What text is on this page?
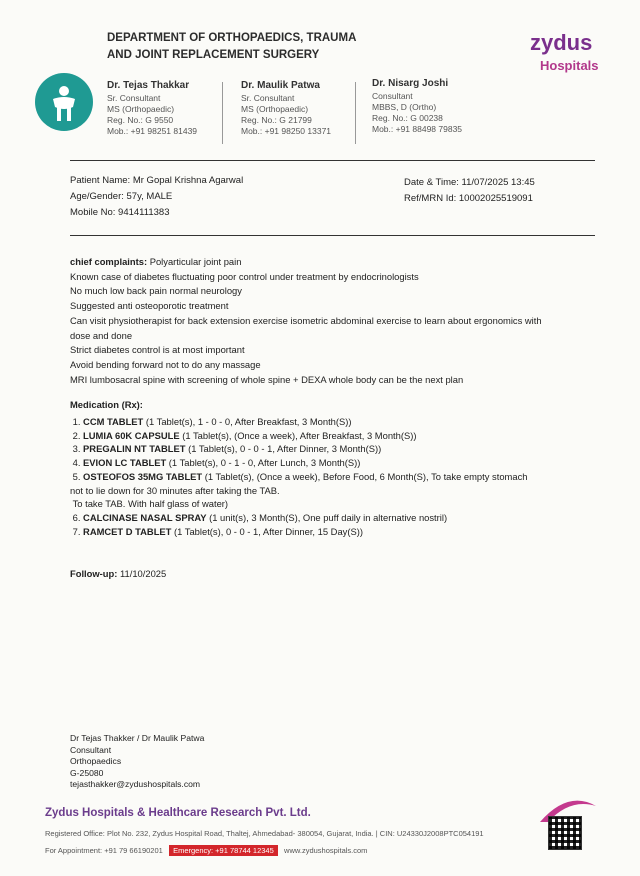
DEPARTMENT OF ORTHOPAEDICS, TRAUMA
AND JOINT REPLACEMENT SURGERY	zydus
Hospitals
Dr. Tejas Thakkar
Sr. Consultant
MS (Orthopaedic)
Reg. No.: G 9550
Mob.: +91 98251 81439
Dr. Maulik Patwa
Sr. Consultant
MS (Orthopaedic)
Reg. No.: G 21799
Mob.: +91 98250 13371
Dr. Nisarg Joshi
Consultant
MBBS, D (Ortho)
Reg. No.: G 00238
Mob.: +91 88498 79835
Patient Name: Mr Gopal Krishna Agarwal
Age/Gender: 57y, MALE
Mobile No: 9414111383
Date & Time: 11/07/2025 13:45
Ref/MRN Id: 10002025519091
chief complaints: Polyarticular joint pain
Known case of diabetes fluctuating poor control under treatment by endocrinologists
No much low back pain normal neurology
Suggested anti osteoporotic treatment
Can visit physiotherapist for back extension exercise isometric abdominal exercise to learn about ergonomics with
dose and done
Strict diabetes control is at most important
Avoid bending forward not to do any massage
MRI lumbosacral spine with screening of whole spine + DEXA whole body can be the next plan
Medication (Rx):
1. CCM TABLET (1 Tablet(s), 1 - 0 - 0, After Breakfast, 3 Month(S))
2. LUMIA 60K CAPSULE (1 Tablet(s), (Once a week), After Breakfast, 3 Month(S))
3. PREGALIN NT TABLET (1 Tablet(s), 0 - 0 - 1, After Dinner, 3 Month(S))
4. EVION LC TABLET (1 Tablet(s), 0 - 1 - 0, After Lunch, 3 Month(S))
5. OSTEOFOS 35MG TABLET (1 Tablet(s), (Once a week), Before Food, 6 Month(S), To take empty stomach
not to lie down for 30 minutes after taking the TAB.
To take TAB. With half glass of water)
6. CALCINASE NASAL SPRAY (1 unit(s), 3 Month(S), One puff daily in alternative nostril)
7. RAMCET D TABLET (1 Tablet(s), 0 - 0 - 1, After Dinner, 15 Day(S))
Follow-up: 11/10/2025
Dr Tejas Thakker / Dr Maulik Patwa
Consultant
Orthopaedics
G-25080
tejasthakker@zydushospitals.com
Zydus Hospitals & Healthcare Research Pvt. Ltd.
Registered Office: Plot No. 232, Zydus Hospital Road, Thaltej, Ahmedabad- 380054, Gujarat, India. | CIN: U24330J2008PTC054191
For Appointment: +91 79 66190201 Emergency: +91 78744 12345 www.zydushospitals.com
